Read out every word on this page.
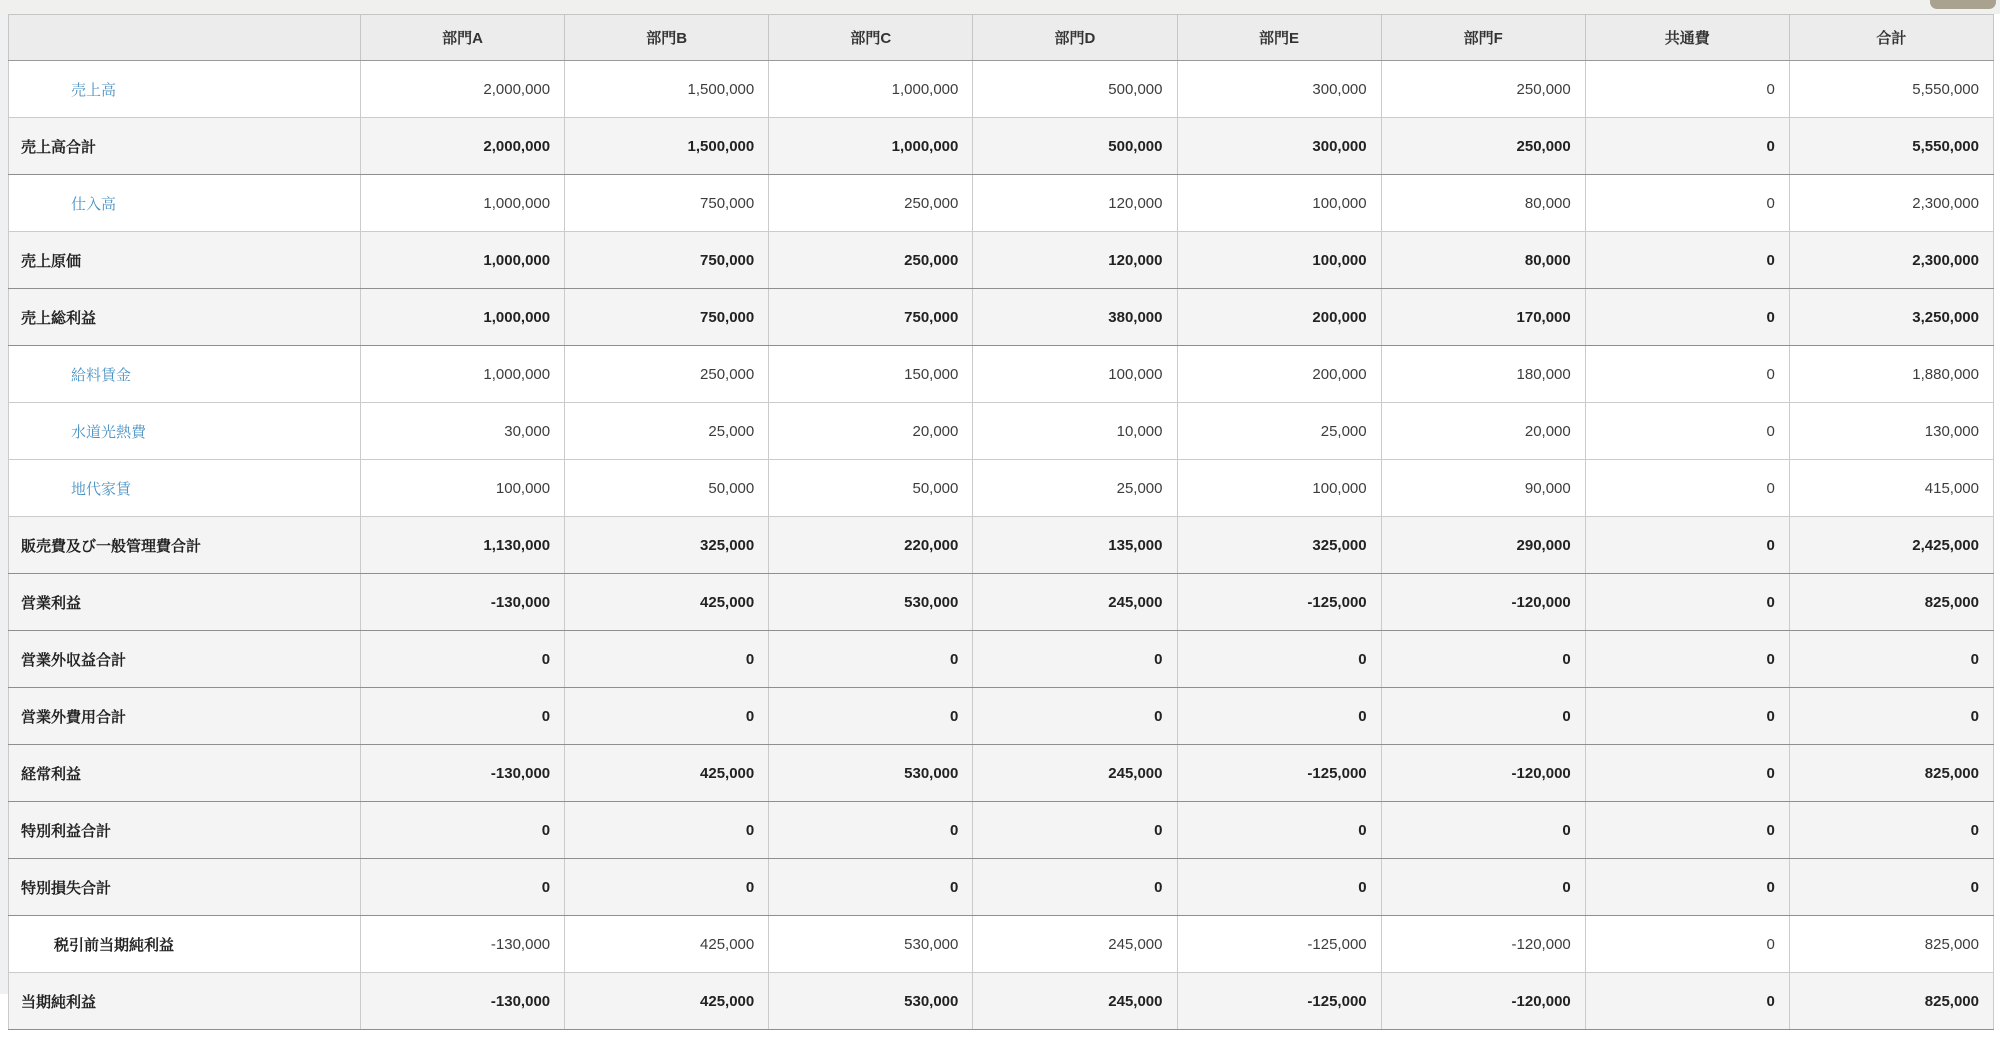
	部門A	部門B	部門C	部門D	部門E	部門F	共通費	合計
売上高	2,000,000	1,500,000	1,000,000	500,000	300,000	250,000	0	5,550,000
売上高合計	2,000,000	1,500,000	1,000,000	500,000	300,000	250,000	0	5,550,000
仕入高	1,000,000	750,000	250,000	120,000	100,000	80,000	0	2,300,000
売上原価	1,000,000	750,000	250,000	120,000	100,000	80,000	0	2,300,000
売上総利益	1,000,000	750,000	750,000	380,000	200,000	170,000	0	3,250,000
給料賃金	1,000,000	250,000	150,000	100,000	200,000	180,000	0	1,880,000
水道光熱費	30,000	25,000	20,000	10,000	25,000	20,000	0	130,000
地代家賃	100,000	50,000	50,000	25,000	100,000	90,000	0	415,000
販売費及び一般管理費合計	1,130,000	325,000	220,000	135,000	325,000	290,000	0	2,425,000
営業利益	-130,000	425,000	530,000	245,000	-125,000	-120,000	0	825,000
営業外収益合計	0	0	0	0	0	0	0	0
営業外費用合計	0	0	0	0	0	0	0	0
経常利益	-130,000	425,000	530,000	245,000	-125,000	-120,000	0	825,000
特別利益合計	0	0	0	0	0	0	0	0
特別損失合計	0	0	0	0	0	0	0	0
税引前当期純利益	-130,000	425,000	530,000	245,000	-125,000	-120,000	0	825,000
当期純利益	-130,000	425,000	530,000	245,000	-125,000	-120,000	0	825,000
